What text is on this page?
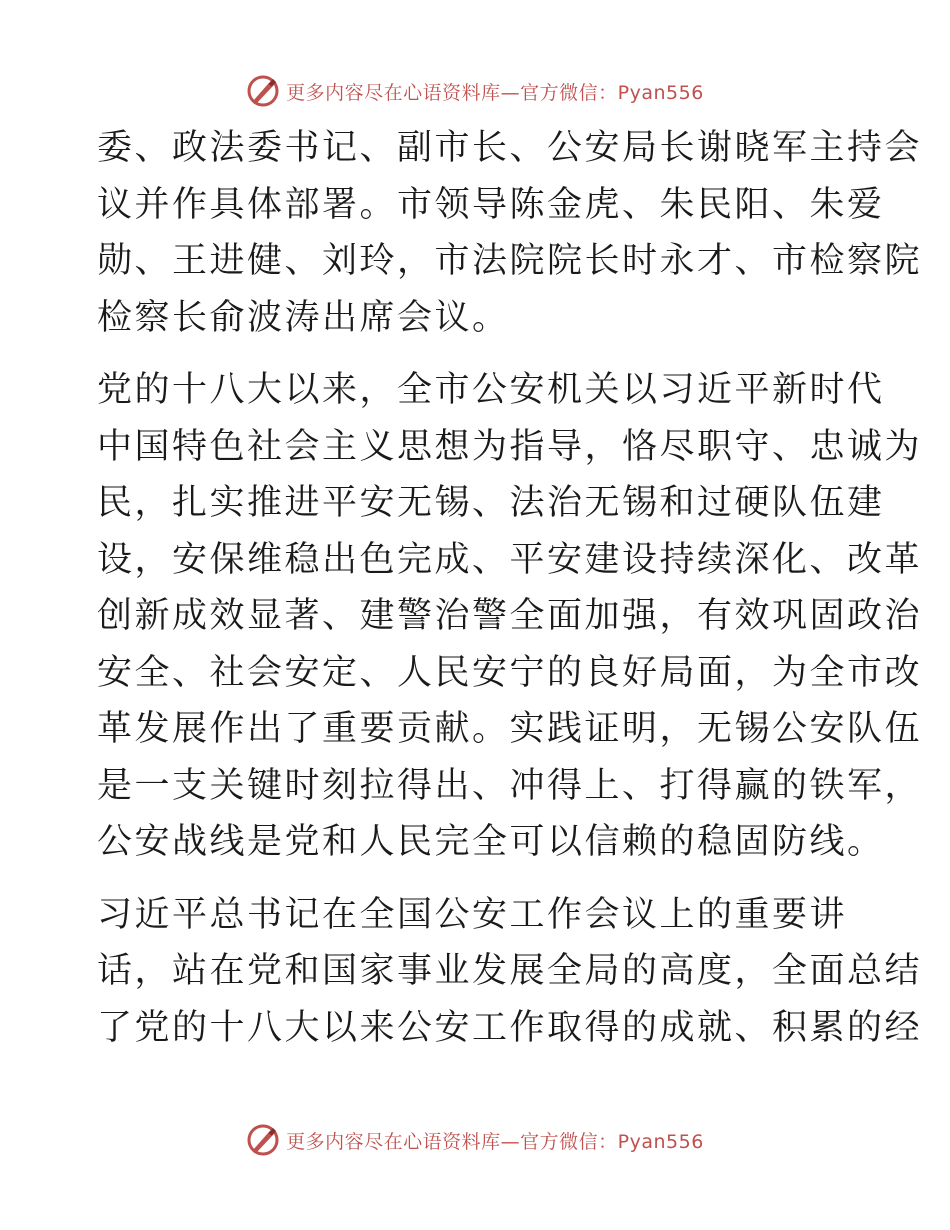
更多内容尽在心语资料库—官方微信：Pyan556

委、政法委书记、副市长、公安局长谢晓军主持会
议并作具体部署。市领导陈金虎、朱民阳、朱爱
勋、王进健、刘玲，市法院院长时永才、市检察院
检察长俞波涛出席会议。

党的十八大以来，全市公安机关以习近平新时代
中国特色社会主义思想为指导，恪尽职守、忠诚为
民，扎实推进平安无锡、法治无锡和过硬队伍建
设，安保维稳出色完成、平安建设持续深化、改革
创新成效显著、建警治警全面加强，有效巩固政治
安全、社会安定、人民安宁的良好局面，为全市改
革发展作出了重要贡献。实践证明，无锡公安队伍
是一支关键时刻拉得出、冲得上、打得赢的铁军，
公安战线是党和人民完全可以信赖的稳固防线。

习近平总书记在全国公安工作会议上的重要讲
话，站在党和国家事业发展全局的高度，全面总结
了党的十八大以来公安工作取得的成就、积累的经

更多内容尽在心语资料库—官方微信：Pyan556
